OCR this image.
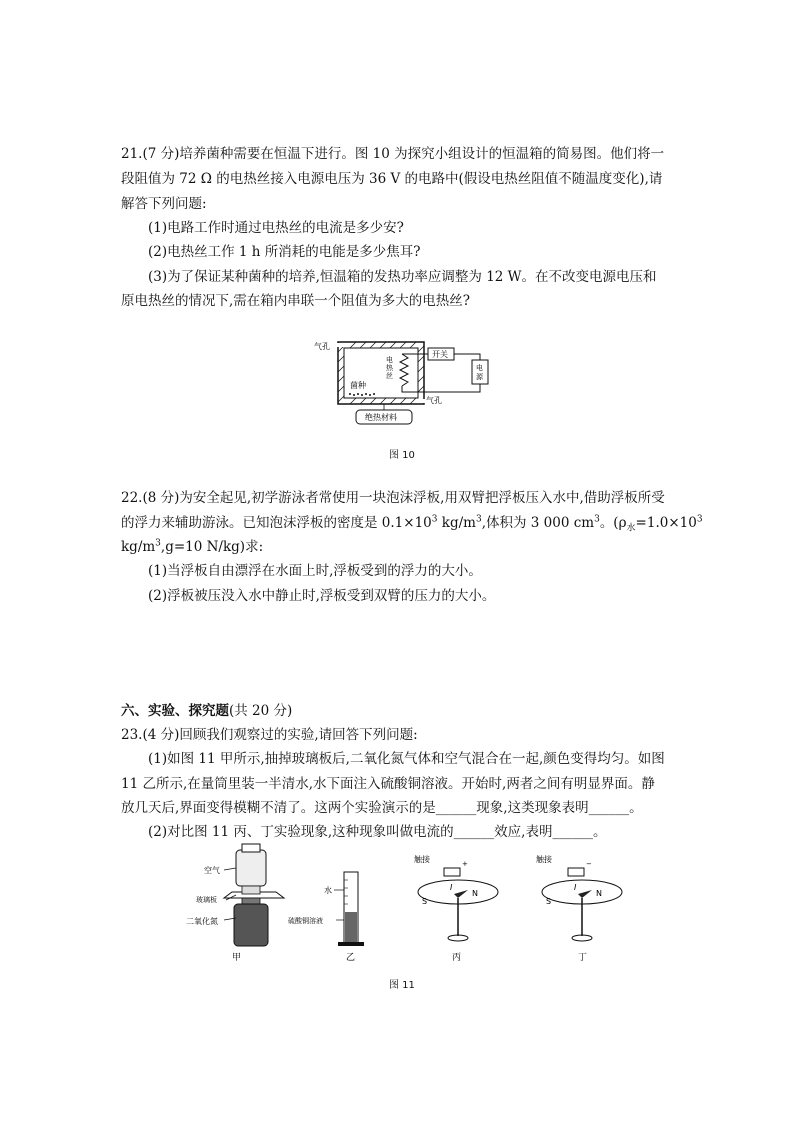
21.(7 分)培养菌种需要在恒温下进行。图 10 为探究小组设计的恒温箱的简易图。他们将一
段阻值为 72 Ω 的电热丝接入电源电压为 36 V 的电路中(假设电热丝阻值不随温度变化),请
解答下列问题:
(1)电路工作时通过电热丝的电流是多少安?
(2)电热丝工作 1 h 所消耗的电能是多少焦耳?
(3)为了保证某种菌种的培养,恒温箱的发热功率应调整为 12 W。在不改变电源电压和
原电热丝的情况下,需在箱内串联一个阻值为多大的电热丝?
气孔
气孔
电
热
丝
开关
电
源
菌种
绝热材料
图 10
22.(8 分)为安全起见,初学游泳者常使用一块泡沫浮板,用双臂把浮板压入水中,借助浮板所受
的浮力来辅助游泳。已知泡沫浮板的密度是 $0.1\times 10^3$ $kg/m^3$,体积为 3 000 $cm^3$。($\rho_水=1.0\times 10^3$
$kg/m^3,g=10$ N/kg)求:
(1)当浮板自由漂浮在水面上时,浮板受到的浮力的大小。
(2)浮板被压没入水中静止时,浮板受到双臂的压力的大小。
六、实验、探究题(共 20 分)
23.(4 分)回顾我们观察过的实验,请回答下列问题:
(1)如图 11 甲所示,抽掉玻璃板后,二氧化氮气体和空气混合在一起,颜色变得均匀。如图
11 乙所示,在量筒里装一半清水,水下面注入硫酸铜溶液。开始时,两者之间有明显界面。静
放几天后,界面变得模糊不清了。这两个实验演示的是______现象,这类现象表明______。
(2)对比图 11 丙、丁实验现象,这种现象叫做电流的______效应,表明______。
空气
玻璃板
二氧化氮
甲
水
硫酸铜溶液
乙
触接	+
I
N
S
丙
触接	−
I
N
S
丁
图 11
